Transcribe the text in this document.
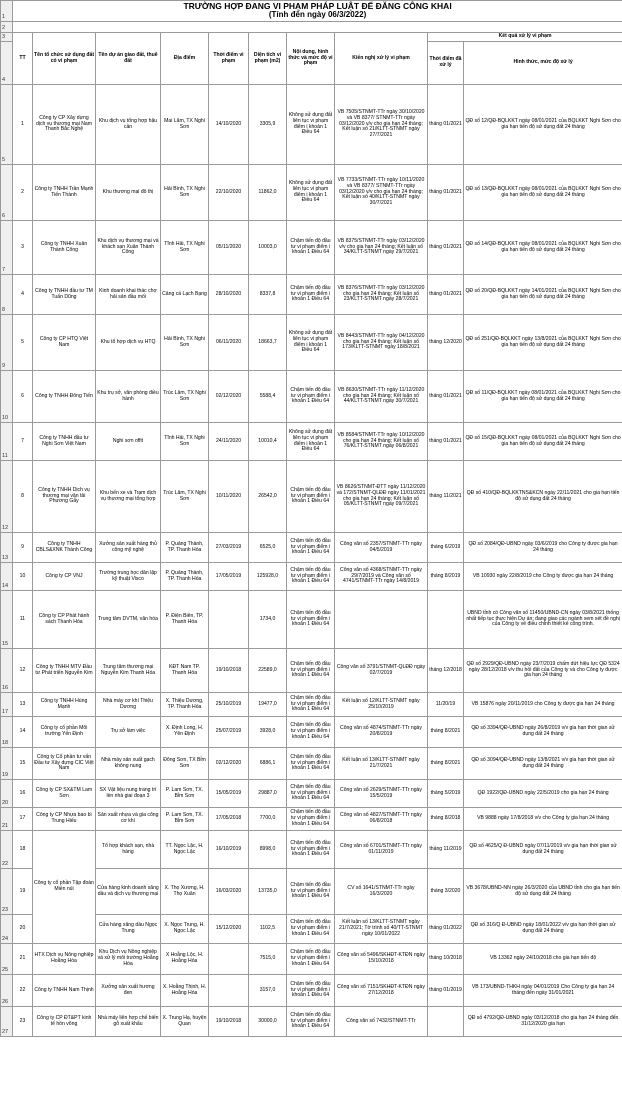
1	TRƯỜNG HỢP ĐANG VI PHẠM PHÁP LUẬT ĐỂ ĐĂNG CÔNG KHAI
(Tính đến ngày 06/3/2022)									

2										
3	TT	Tên tổ chức sử dụng đất có vi phạm	Tên dự án giao đất, thuê đất	Địa điểm	Thời điểm vi phạm	Diện tích vi phạm (m2)	Nội dung, hình thức và mức độ vi phạm	Kiến nghị xử lý vi phạm	Kết quả xử lý vi phạm	
4									Thời điểm đã xử lý	Hình thức, mức độ xử lý
5	1	Công ty CP Xây dựng dịch vụ thương mại Nam Thanh Bắc Nghệ	Khu dịch vụ tổng hợp hậu cần	Mai Lâm, TX Nghi Sơn	14/10/2020	3305,9	Không sử dụng đất liên tục vi phạm điểm i khoản 1 Điều 64	VB 7505/STNMT-TTr ngày 30/10/2020 và VB 8377/ STNMT-TTr ngày 03/12/2020 v/v cho gia hạn 24 tháng; Kết luận số 21/KLTT-STNMT ngày 27/7/2021	tháng 01/2021	QĐ số 12/QĐ-BQLKKT ngày 08/01/2021 của BQLKKT Nghi Sơn cho gia hạn tiến độ sử dụng đất 24 tháng
6	2	Công ty TNHH Trần Mạnh Tiến Thành	Khu thương mại đô thị	Hải Bình, TX Nghi Sơn	22/10/2020	11862,0	Không sử dụng đất liên tục vi phạm điểm i khoản 1 Điều 64	VB 7733/STNMT-TTr ngày 10/11/2020 và VB 8377/ STNMT-TTr ngày 03/12/2020 v/v cho gia hạn 24 tháng; Kết luận số 40/KLTT-STNMT ngày 30/7/2021	tháng 01/2021	QĐ số 13/QĐ-BQLKKT ngày 08/01/2021 của BQLKKT Nghi Sơn cho gia hạn tiến độ sử dụng đất 24 tháng
7	3	Công ty TNHH Xuân Thành Công	Khu dịch vụ thương mại và khách sạn Xuân Thành Công	Tĩnh Hải, TX Nghi Sơn	05/11/2020	10003,0	Chậm tiến độ đầu tư vi phạm điểm i khoản 1 Điều 64	VB 8375/STNMT-TTr ngày 03/12/2020 v/v cho gia hạn 24 tháng; Kết luận số 34/KLTT-STNMT ngày 29/7/2021	tháng 01/2021	QĐ số 14/QĐ-BQLKKT ngày 08/01/2021 của BQLKKT Nghi Sơn cho gia hạn tiến độ sử dụng đất 24 tháng
8	4	Công ty TNHH đầu tư TM Tuấn Dũng	Kinh doanh khai thác chợ hải sản đầu mối	Cảng cá Lạch Bạng	28/10/2020	8337,8	Chậm tiến độ đầu tư vi phạm điểm i khoản 1 Điều 64	VB 8376/STNMT-TTr ngày 03/12/2020 cho gia hạn 24 tháng; Kết luận số 23/KLTT-STNMT ngày 28/7/2021	tháng 01/2021	QĐ số 20/QĐ-BQLKKT ngày 14/01/2021 của BQLKKT Nghi Sơn cho gia hạn tiến độ sử dụng đất 24 tháng
9	5	Công ty CP HTQ Việt Nam	Khu tổ hợp dịch vụ HTQ	Hải Bình, TX Nghi Sơn	06/11/2020	18663,7	Không sử dụng đất liên tục vi phạm điểm i khoản 1 Điều 64	VB 8443/STNMT-TTr ngày 04/12/2020 cho gia hạn 24 tháng; Kết luận số 173/KLTT-STNMT ngày 18/8/2021	tháng 12/2020	QĐ số 251/QĐ-BQLKKT ngày 13/8/2021 của BQLKKT Nghi Sơn cho gia hạn tiến độ sử dụng đất 24 tháng
10	6	Công ty TNHH Đông Tiến	Khu trụ sở, văn phòng điều hành	Trúc Lâm, TX Nghi Sơn	02/12/2020	5588,4	Chậm tiến độ đầu tư vi phạm điểm i khoản 1 Điều 64	VB 8630/STNMT-TTr ngày 11/12/2020 cho gia hạn 24 tháng; Kết luận số 44/KLTT-STNMT ngày 30/7/2021	tháng 01/2021	QĐ số 11/QĐ-BQLKKT ngày 08/01/2021 của BQLKKT Nghi Sơn cho gia hạn tiến độ sử dụng đất 24 tháng
11	7	Công ty TNHH đầu tư Nghi Sơn Việt Nam	Nghi sơn offit	Tĩnh Hải, TX Nghi Sơn	24/11/2020	10010,4	Không sử dụng đất liên tục vi phạm điểm i khoản 1 Điều 64	VB 8584/STNMT-TTr ngày 10/12/2020 cho gia hạn 24 tháng; Kết luận số 76/KLTT-STNMT ngày 06/8/2021	tháng 01/2021	QĐ số 15/QĐ-BQLKKT ngày 08/01/2021 của BQLKKT Nghi Sơn cho gia hạn tiến độ sử dụng đất 24 tháng
12	8	Công ty TNHH Dịch vụ thương mại vận tải Phương Gấy	Khu bến xe và Trạm dịch vụ thương mại tổng hợp	Trúc Lâm, TX Nghi Sơn	10/11/2020	26542,0	Chậm tiến độ đầu tư vi phạm điểm i khoản 1 Điều 64	VB 8626/STNMT-ĐTT ngày 11/12/2020 và 172/STNMT-QLĐĐ ngày 11/01/2021 cho gia hạn 24 tháng; Kết luận số 05/KLTT-STNMT ngày 09/7/2021	tháng 11/2021	QĐ số 410/QĐ-BQLKKTNS&KCN ngày 22/11/2021 cho gia hạn tiến độ sử dụng đất 24 tháng
13	9	Công ty TNHH CBLS&XNK Thành Công	Xưởng sản xuất hàng thủ công mỹ nghệ	P. Quảng Thành, TP. Thanh Hóa	27/03/2019	6525,0	Chậm tiến độ đầu tư vi phạm điểm i khoản 1 Điều 64	Công văn số 2357/STNMT-TTr ngày 04/5/2019	tháng 6/2019	QĐ số 2084/QĐ-UBND ngày 03/6/2019 cho Công ty được gia hạn 24 tháng
14	10	Công ty CP VNJ	Trường trung học dân lập kỹ thuật Visco	P. Quảng Thành, TP. Thanh Hóa	17/05/2019	125928,0	Chậm tiến độ đầu tư vi phạm điểm i khoản 1 Điều 64	Công văn số 4368/STNMT-TTr ngày 29/7/2019 và Công văn số 4741/STNMT-TTr ngày 14/8/2019	tháng 8/2019	VB 10930 ngày 22/8/2019 cho Công ty được gia hạn 24 tháng
15	11	Công ty CP Phát hành sách Thanh Hóa	Trung tâm DVTM, văn hóa	P. Điện Biên, TP. Thanh Hóa		1734,0	Chậm tiến độ đầu tư vi phạm điểm i khoản 1 Điều 64			UBND tỉnh có Công văn số 11450/UBND-CN ngày 03/8/2021 thống nhất tiếp tục thực hiện Dự án; đang giao các ngành xem xét đề nghị của Công ty về điều chỉnh thiết kế công trình.
16	12	Công ty TNHH MTV Đầu tư Phát triển Nguyễn Kim	Trung tâm thương mại Nguyễn Kim Thanh Hóa	KĐT Nam TP. Thanh Hóa	19/10/2018	22589,0	Chậm tiến độ đầu tư vi phạm điểm i khoản 1 Điều 64	Công văn số 3791/STNMT-QLĐĐ ngày 02/7/2019	tháng 12/2018	QĐ số 2929/QĐ-UBND ngày 23/7/2019 chấm dứt hiệu lực QĐ 5324 ngày 28/12/2018 v/v thu hồi đất của Công ty và cho Công ty được gia hạn 24 tháng
17	13	Công ty TNHH Hùng Mạnh	Nhà máy cơ khí Thiệu Dương	X. Thiệu Dương, TP. Thanh Hóa	25/10/2019	19477,0	Chậm tiến độ đầu tư vi phạm điểm i khoản 1 Điều 64	Kết luận số 12/KLTT-STNMT ngày 25/10/2019	11/20/19	VB 15876 ngày 20/11/2019 cho Công ty được gia hạn 24 tháng
18	14	Công ty cổ phần Môi trường Yến Định	Trụ sở làm việc	X. Định Long, H. Yên Định	25/07/2019	3928,0	Chậm tiến độ đầu tư vi phạm điểm i khoản 1 Điều 64	Công văn số 4874/STNMT-TTr ngày 20/8/2019	tháng 8/2021	QĐ số 3394/QĐ-UBND ngày 26/8/2019 v/v gia hạn thời gian sử dụng đất 24 tháng
19	15	Công ty Cổ phần tư vấn Đầu tư Xây dựng CIC Việt Nam	Nhà máy sản xuất gạch không nung	Đông Sơn, TX Bỉm Sơn	02/12/2020	6886,1	Chậm tiến độ đầu tư vi phạm điểm i khoản 1 Điều 64	Kết luận số 13/KLTT-STNMT ngày 21/7/2021	tháng 8/2021	QĐ số 3094/QĐ-UBND ngày 13/8/2021 v/v gia hạn thời gian sử dụng đất 24 tháng
20	16	Công ty CP SX&TM Lam Sơn	SX Vật liệu nung trang trí lèn nhà giai đoạn 3	P. Lam Sơn, TX. Bỉm Sơn	15/05/2019	29887,0	Chậm tiến độ đầu tư vi phạm điểm i khoản 1 Điều 64	Công văn số 2629/STNMT-TTr ngày 15/5/2019	tháng 5/2019	QĐ 1922/QĐ-UBND ngày 22/5/2019 cho gia hạn 24 tháng
21	17	Công ty CP Nhựa bao bì Trung Hiếu	Sản xuất nhựa và gia công cơ khí	P. Lam Sơn, TX. Bỉm Sơn	17/05/2018	7700,0	Chậm tiến độ đầu tư vi phạm điểm i khoản 1 Điều 64	Công văn số 4827/STNMT-TTr ngày 06/8/2018	tháng 8/2018	VB 9888 ngày 17/8/2018 v/v cho Công ty gia hạn 24 tháng
22	18	Công ty cổ phần Tập đoàn Miền núi	Tổ hợp khách sạn, nhà hàng	TT. Ngọc Lặc, H. Ngọc Lặc	16/10/2019	8998,0	Chậm tiến độ đầu tư vi phạm điểm i khoản 1 Điều 64	Công văn số 6701/STNMT-TTr ngày 01/11/2019	tháng 11/2019	QĐ số 4625/Q Đ-UBND ngày 07/11/2019 v/v gia hạn thời gian sử dụng đất 24 tháng
23	19		Cửa hàng kinh doanh xăng dầu và dịch vụ thương mại	X. Thọ Xương, H. Thọ Xuân	16/03/2020	13735,0	Chậm tiến độ đầu tư vi phạm điểm i khoản 1 Điều 64	CV số 1641/STNMT-TTr ngày 16/3/2020	tháng 3/2020	VB 3678/UBND-NN ngày 26/3/2020 của UBND tỉnh cho gia hạn tiến độ sử dụng đất 24 tháng
24	20		Cửa hàng xăng dầu Ngọc Trung	X. Ngọc Trung, H. Ngọc Lặc	15/12/2020	1102,5	Chậm tiến độ đầu tư vi phạm điểm i khoản 1 Điều 64	Kết luận số 13/KLTT-STNMT ngày 21/7/2021; Tờ trình số 40/TT-STNMT ngày 10/01/2022	tháng 01/2022	QĐ số 316/Q Đ-UBND ngày 18/01/2022 v/v gia hạn thời gian sử dụng đất 24 tháng
25	21	HTX Dịch vụ Nông nghiệp Hoằng Hóa	Khu Dịch vụ Nông nghiệp và xử lý môi trường Hoằng Hóa	X Hoằng Lộc, H. Hoằng Hóa		7515,0	Chậm tiến độ đầu tư vi phạm điểm i khoản 1 Điều 64	Công văn số 5496/SKHĐT-KTĐN ngày 15/10/2018	tháng 10/2018	VB 13362 ngày 24/10/2018 cho gia hạn tiến độ
26	22	Công ty TNHH Nam Thịnh	Xưởng sản xuất hương đen	X. Hoằng Thịnh, H. Hoằng Hóa		3157,0	Chậm tiến độ đầu tư vi phạm điểm i khoản 1 Điều 64	Công văn số 7151/SKHĐT-KTĐN ngày 27/12/2018	tháng 01/2019	VB 173/UBND-THKH ngày 04/01/2019 Cho Công ty gia hạn 24 tháng đến ngày 31/01/2021
27	23	Công ty CP ĐT&PT kinh tế hồn võng	Nhà máy liên hợp chế biến gỗ xuất khẩu	X. Trung Hạ, huyện Quan	19/10/2018	30000,0	Chậm tiến độ đầu tư vi phạm điểm i khoản 1 Điều 64	Công văn số 7432/STNMT-TTr		QĐ số 4792/QĐ-UBND ngày 03/12/2018 cho gia hạn 24 tháng đến 31/12/2020 gia hạn
